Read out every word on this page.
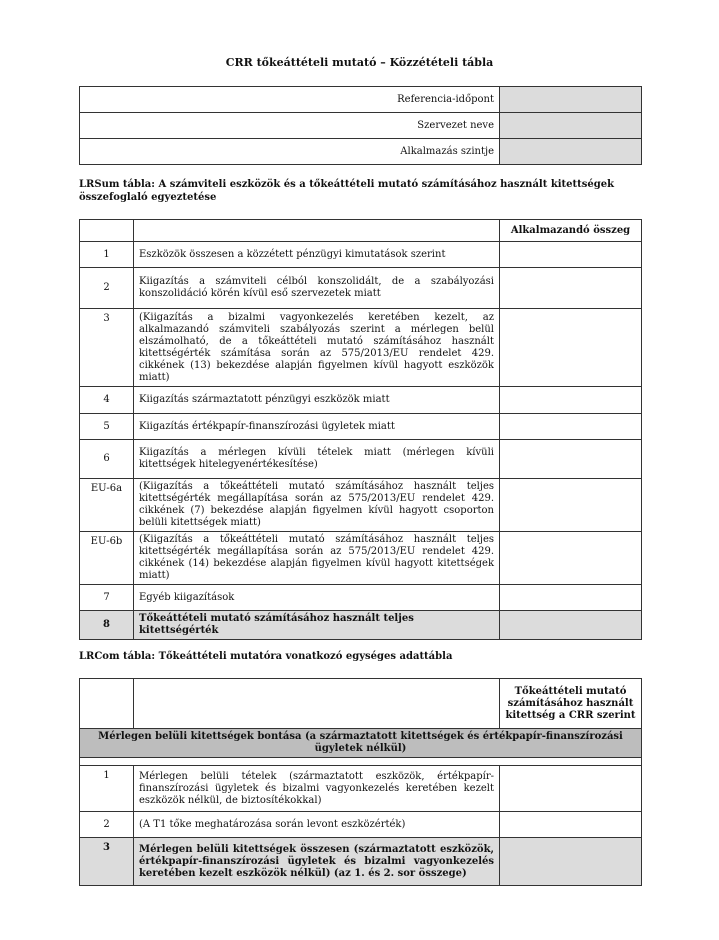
CRR tőkeáttételi mutató – Közzétételi tábla
Referencia-időpont	
Szervezet neve	
Alkalmazás szintje	
LRSum tábla: A számviteli eszközök és a tőkeáttételi mutató számításához használt kitettségek összefoglaló egyeztetése
		Alkalmazandó összeg
1	Eszközök összesen a közzétett pénzügyi kimutatások szerint	
2	Kiigazítás a számviteli célból konszolidált, de a szabályozási konszolidáció körén kívül eső szervezetek miatt	
3	(Kiigazítás a bizalmi vagyonkezelés keretében kezelt, az alkalmazandó számviteli szabályozás szerint a mérlegen belül elszámolható, de a tőkeáttételi mutató számításához használt kitettségérték számítása során az 575/2013/EU rendelet 429. cikkének (13) bekezdése alapján figyelmen kívül hagyott eszközök miatt)	
4	Kiigazítás származtatott pénzügyi eszközök miatt	
5	Kiigazítás értékpapír-finanszírozási ügyletek miatt	
6	Kiigazítás a mérlegen kívüli tételek miatt (mérlegen kívüli kitettségek hitelegyenértékesítése)	
EU-6a	(Kiigazítás a tőkeáttételi mutató számításához használt teljes kitettségérték megállapítása során az 575/2013/EU rendelet 429. cikkének (7) bekezdése alapján figyelmen kívül hagyott csoporton belüli kitettségek miatt)	
EU-6b	(Kiigazítás a tőkeáttételi mutató számításához használt teljes kitettségérték megállapítása során az 575/2013/EU rendelet 429. cikkének (14) bekezdése alapján figyelmen kívül hagyott kitettségek miatt)	
7	Egyéb kiigazítások	
8	Tőkeáttételi mutató számításához használt teljes kitettségérték	
LRCom tábla: Tőkeáttételi mutatóra vonatkozó egységes adattábla
		Tőkeáttételi mutató számításához használt kitettség a CRR szerint
Mérlegen belüli kitettségek bontása (a származtatott kitettségek és értékpapír-finanszírozási ügyletek nélkül)		

1	Mérlegen belüli tételek (származtatott eszközök, értékpapír-finanszírozási ügyletek és bizalmi vagyonkezelés keretében kezelt eszközök nélkül, de biztosítékokkal)	
2	(A T1 tőke meghatározása során levont eszközérték)	
3	Mérlegen belüli kitettségek összesen (származtatott eszközök, értékpapír-finanszírozási ügyletek és bizalmi vagyonkezelés keretében kezelt eszközök nélkül) (az 1. és 2. sor összege)	
